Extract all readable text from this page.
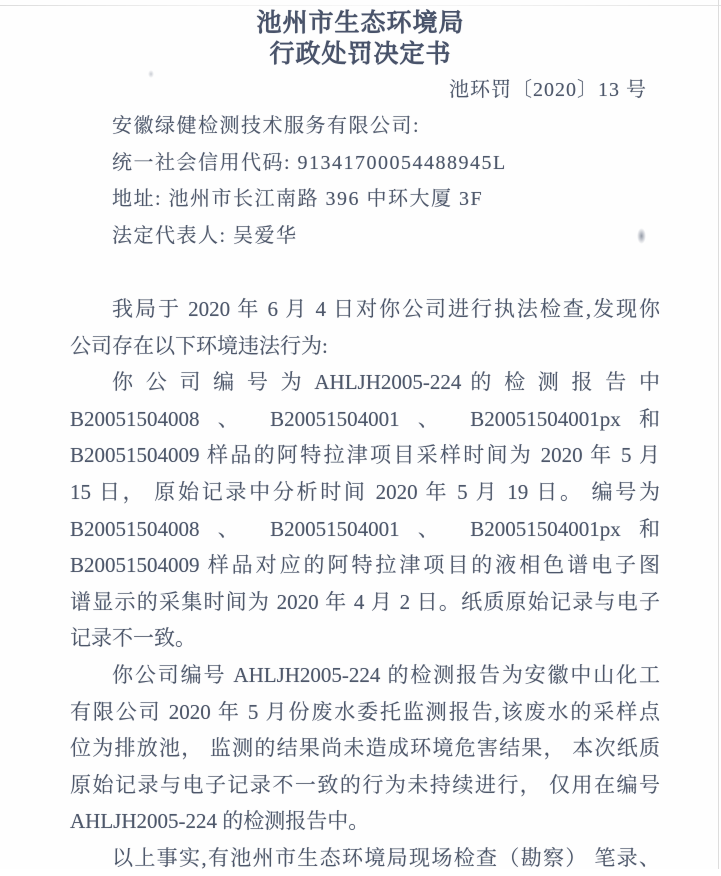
池州市生态环境局
行政处罚决定书
池环罚〔2020〕13 号
安徽绿健检测技术服务有限公司:
统一社会信用代码: 91341700054488945L
地址: 池州市长江南路 396 中环大厦 3F
法定代表人: 吴爱华
我局于 2020 年 6 月 4 日对你公司进行执法检查,发现你
公司存在以下环境违法行为:
你 公 司 编 号 为 AHLJH2005-224 的 检 测 报 告 中
B20051504008 、 B20051504001 、 B20051504001px 和
B20051504009 样品的阿特拉津项目采样时间为 2020 年 5 月
15 日， 原始记录中分析时间 2020 年 5 月 19 日。 编号为
B20051504008 、 B20051504001 、 B20051504001px 和
B20051504009 样品对应的阿特拉津项目的液相色谱电子图
谱显示的采集时间为 2020 年 4 月 2 日。纸质原始记录与电子
记录不一致。
你公司编号 AHLJH2005-224 的检测报告为安徽中山化工
有限公司 2020 年 5 月份废水委托监测报告,该废水的采样点
位为排放池， 监测的结果尚未造成环境危害结果， 本次纸质
原始记录与电子记录不一致的行为未持续进行， 仅用在编号
AHLJH2005-224 的检测报告中。
以上事实,有池州市生态环境局现场检查（勘察） 笔录、
